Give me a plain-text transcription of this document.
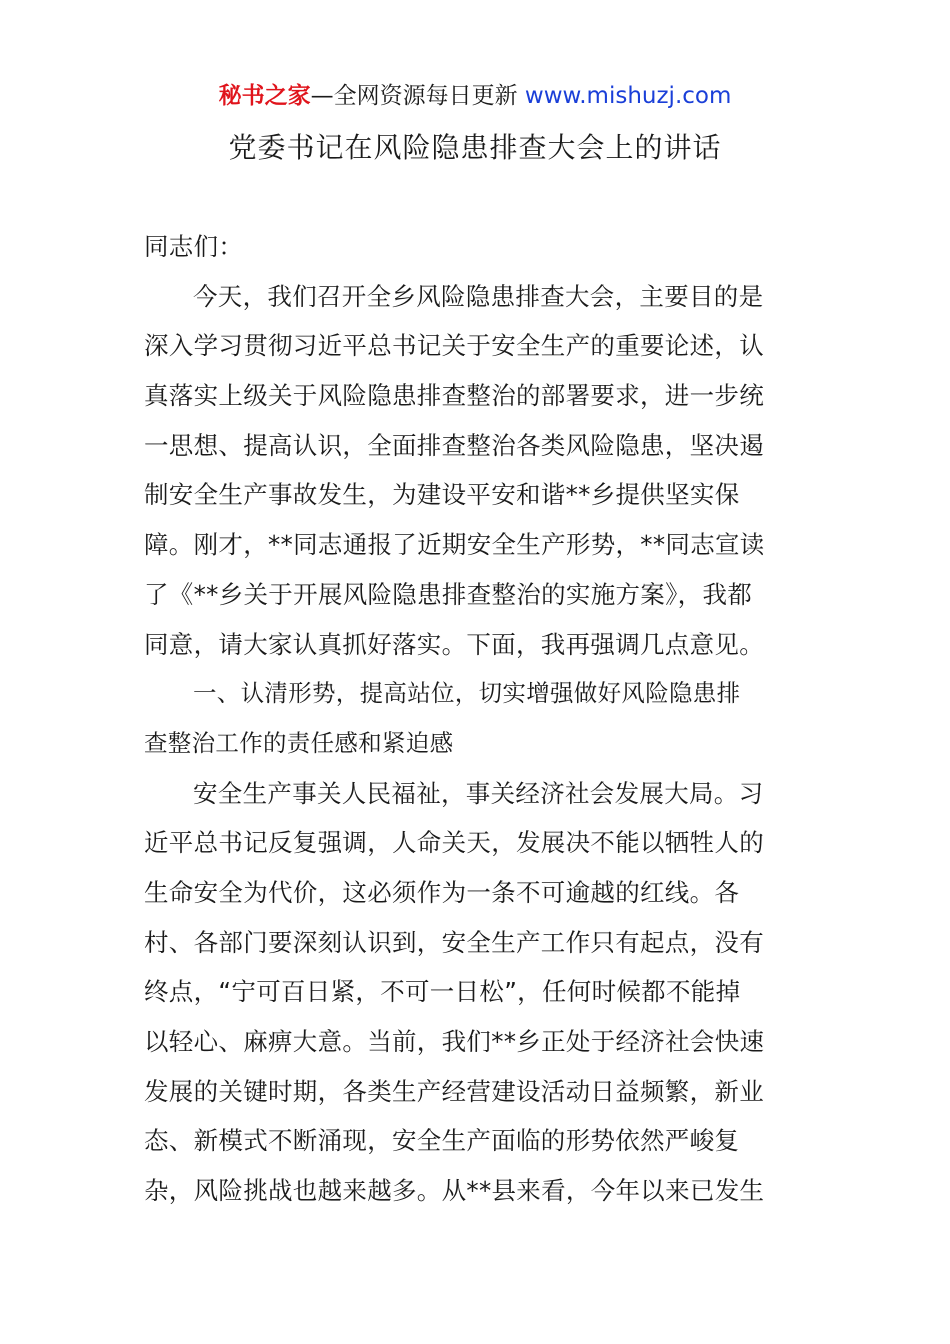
秘书之家—全网资源每日更新 www.mishuzj.com
党委书记在风险隐患排查大会上的讲话
同志们：
今天，我们召开全乡风险隐患排查大会，主要目的是
深入学习贯彻习近平总书记关于安全生产的重要论述，认
真落实上级关于风险隐患排查整治的部署要求，进一步统
一思想、提高认识，全面排查整治各类风险隐患，坚决遏
制安全生产事故发生，为建设平安和谐**乡提供坚实保
障。刚才，**同志通报了近期安全生产形势，**同志宣读
了《**乡关于开展风险隐患排查整治的实施方案》，我都
同意，请大家认真抓好落实。下面，我再强调几点意见。
一、认清形势，提高站位，切实增强做好风险隐患排
查整治工作的责任感和紧迫感
安全生产事关人民福祉，事关经济社会发展大局。习
近平总书记反复强调，人命关天，发展决不能以牺牲人的
生命安全为代价，这必须作为一条不可逾越的红线。各
村、各部门要深刻认识到，安全生产工作只有起点，没有
终点，“宁可百日紧，不可一日松”，任何时候都不能掉
以轻心、麻痹大意。当前，我们**乡正处于经济社会快速
发展的关键时期，各类生产经营建设活动日益频繁，新业
态、新模式不断涌现，安全生产面临的形势依然严峻复
杂，风险挑战也越来越多。从**县来看，今年以来已发生
